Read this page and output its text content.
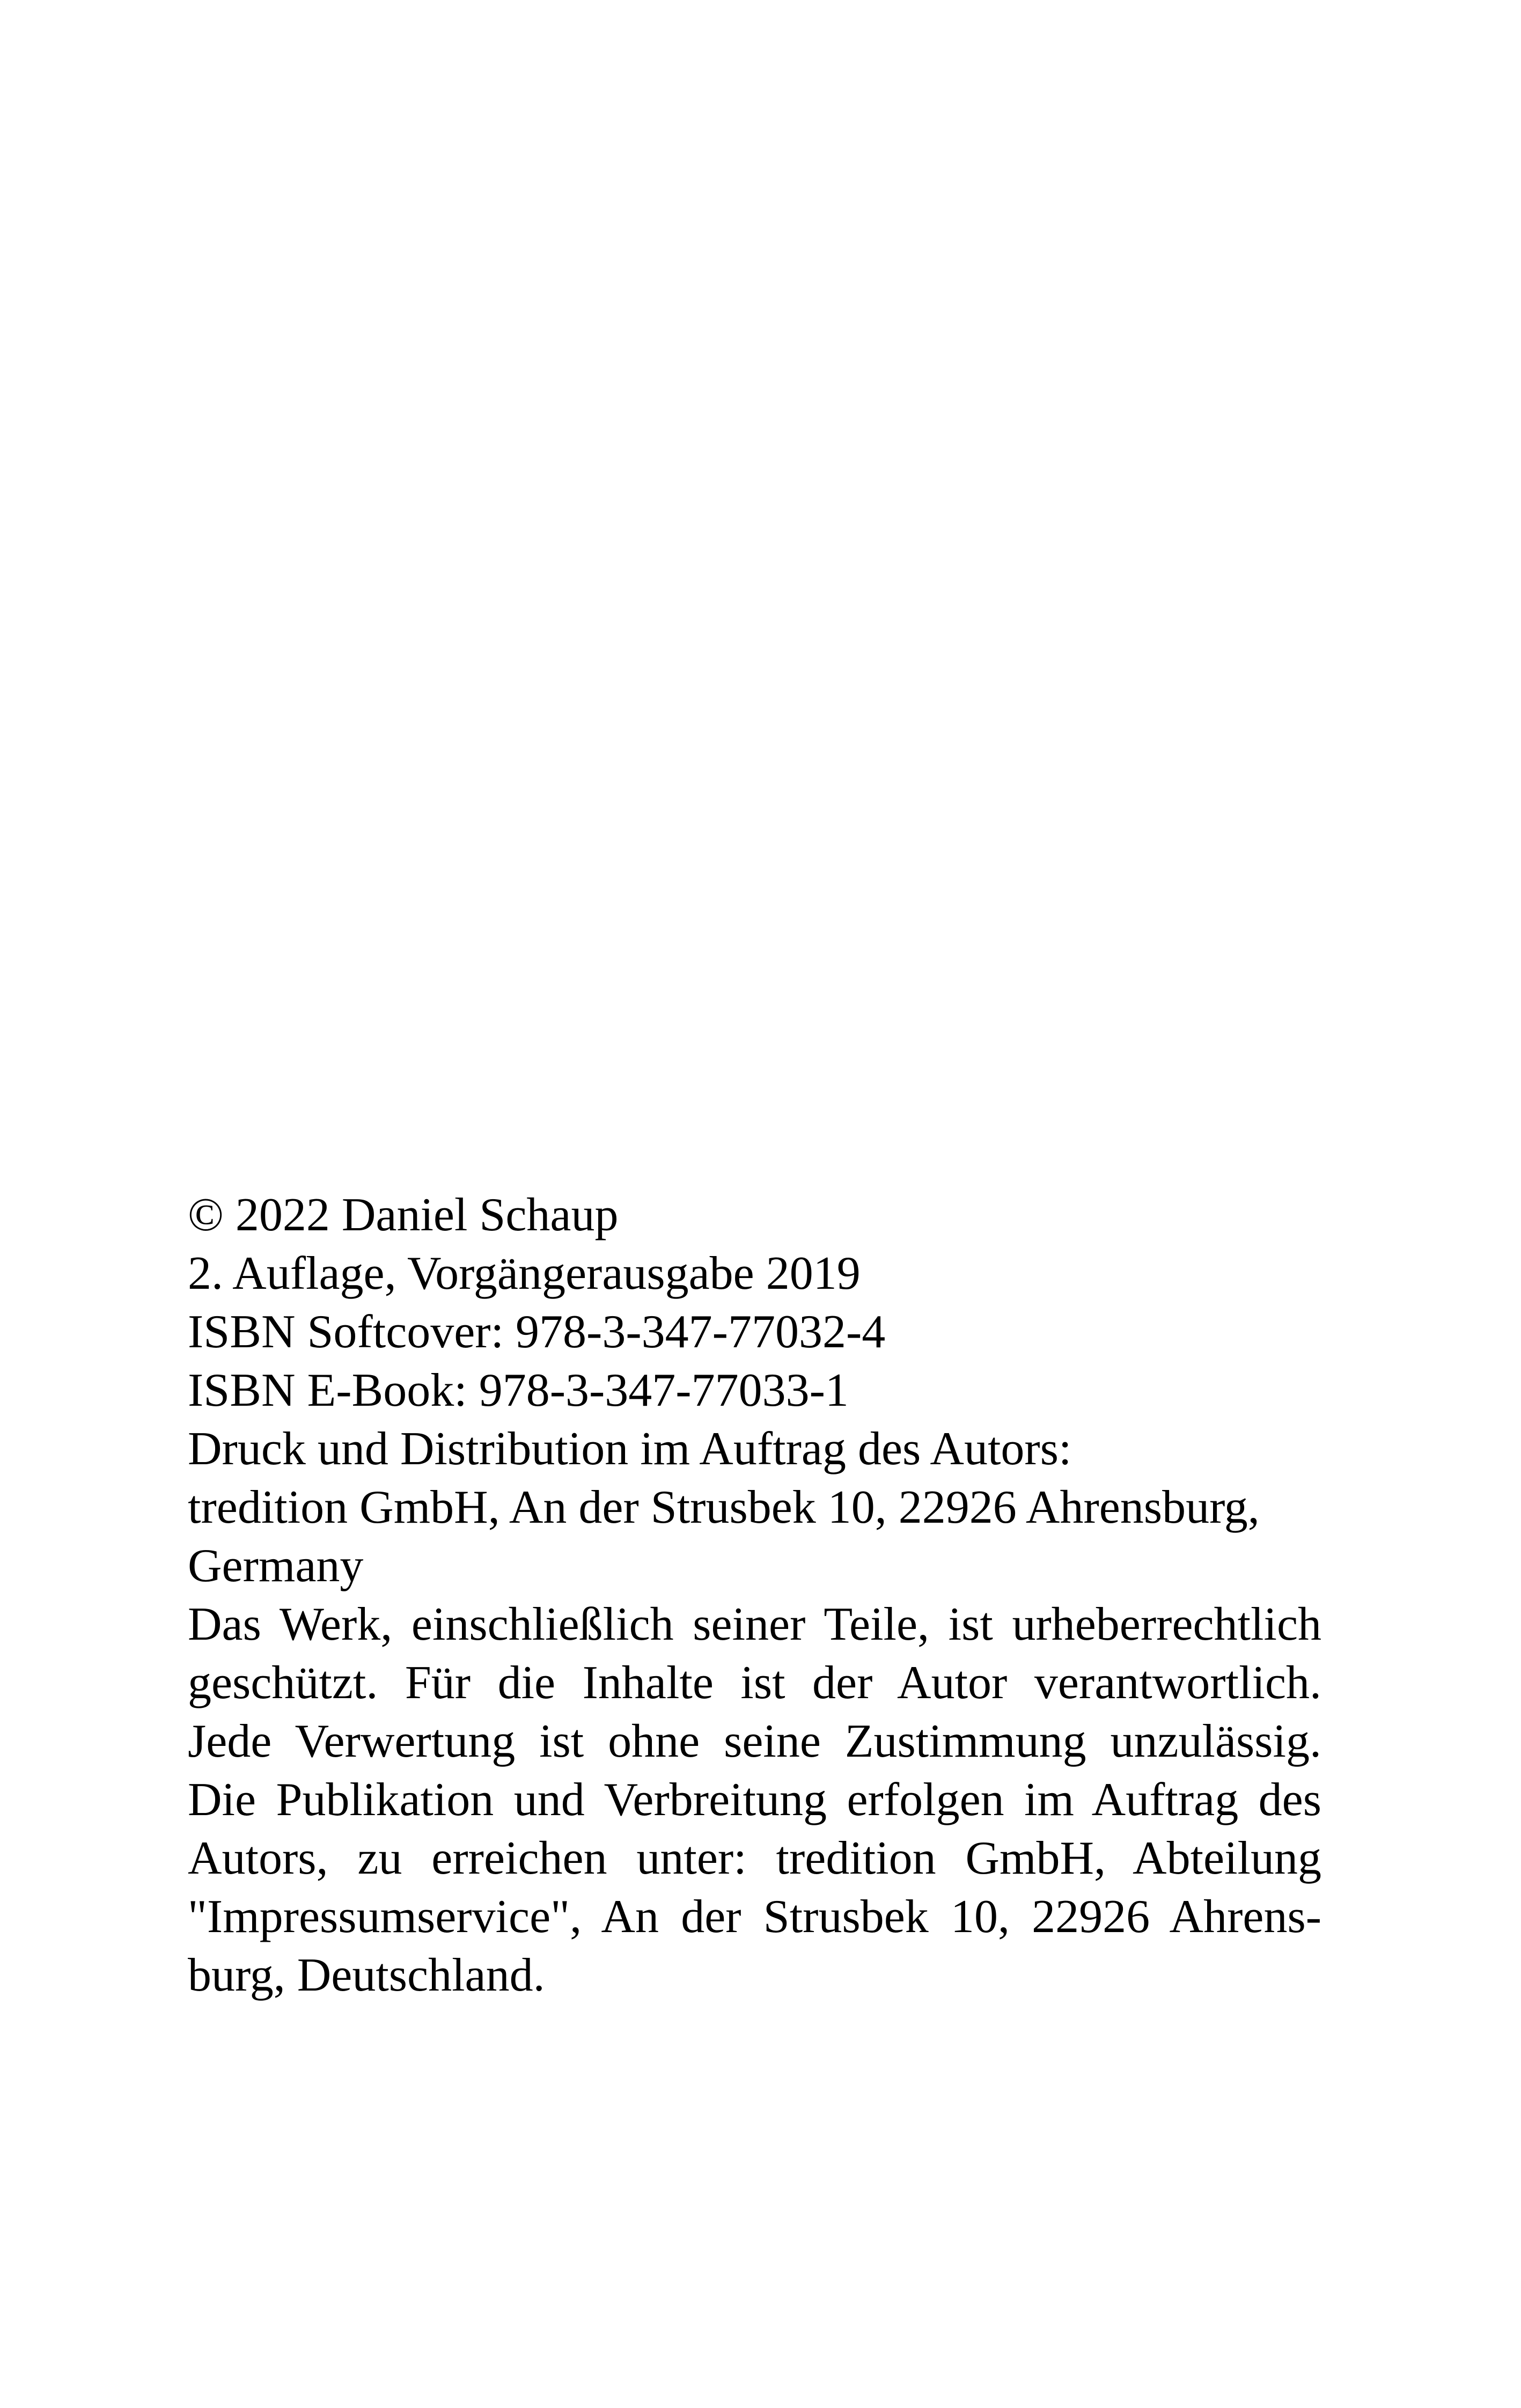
© 2022 Daniel Schaup
2. Auflage, Vorgängerausgabe 2019
ISBN Softcover: 978-3-347-77032-4
ISBN E-Book: 978-3-347-77033-1
Druck und Distribution im Auftrag des Autors:
tredition GmbH, An der Strusbek 10, 22926 Ahrensburg,
Germany
Das Werk, einschließlich seiner Teile, ist urheberrechtlich
geschützt. Für die Inhalte ist der Autor verantwortlich.
Jede Verwertung ist ohne seine Zustimmung unzulässig.
Die Publikation und Verbreitung erfolgen im Auftrag des
Autors, zu erreichen unter: tredition GmbH, Abteilung
"Impressumservice", An der Strusbek 10, 22926 Ahrens-
burg, Deutschland.
